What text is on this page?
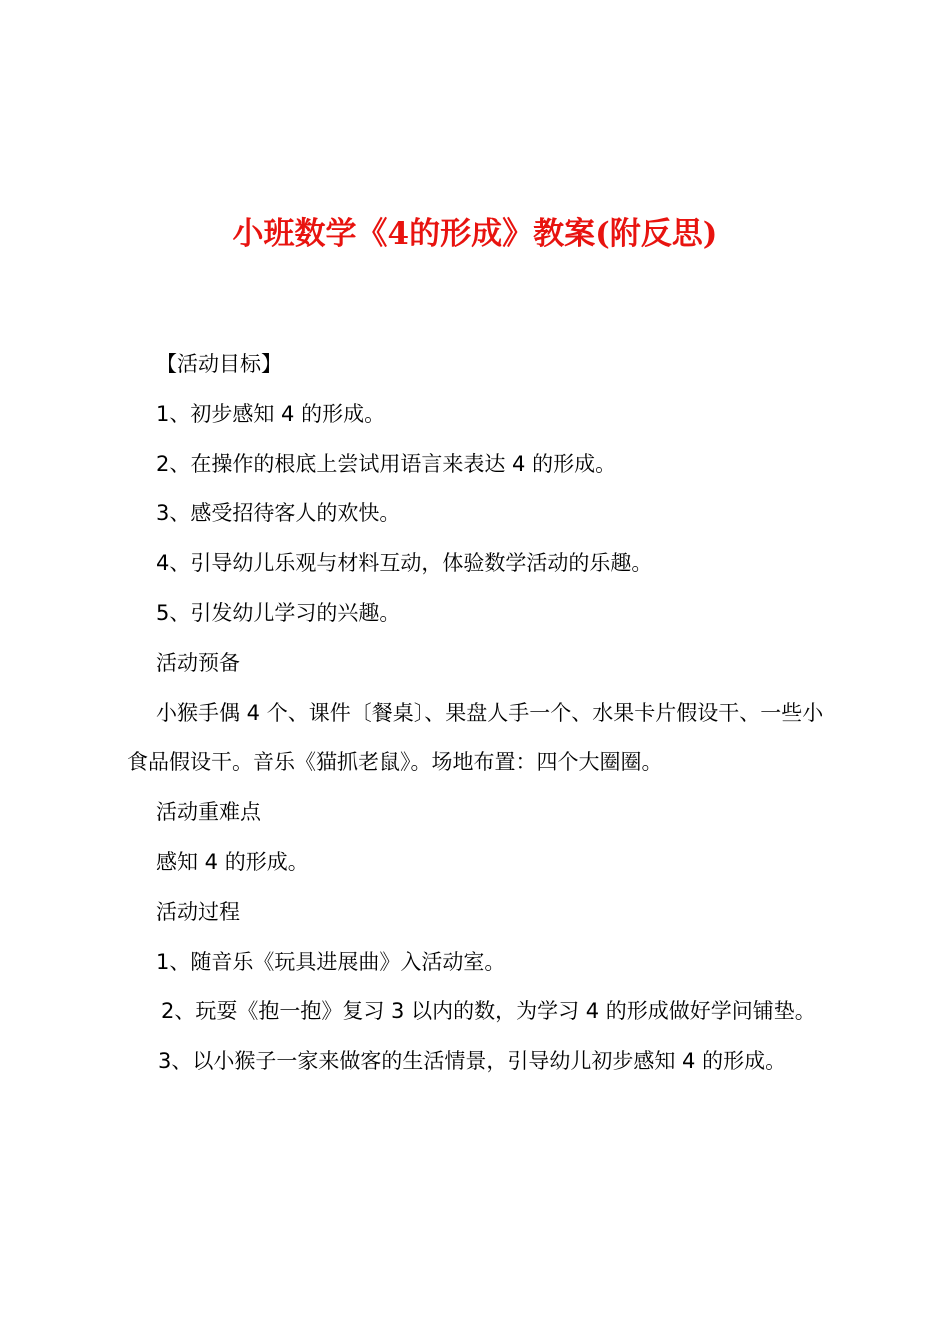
小班数学《4的形成》教案(附反思)

【活动目标】

1、初步感知 4 的形成。

2、在操作的根底上尝试用语言来表达 4 的形成。

3、感受招待客人的欢快。

4、引导幼儿乐观与材料互动，体验数学活动的乐趣。

5、引发幼儿学习的兴趣。

活动预备

小猴手偶 4 个、课件〔餐桌〕、果盘人手一个、水果卡片假设干、一些小食品假设干。音乐《猫抓老鼠》。场地布置：四个大圈圈。

活动重难点

感知 4 的形成。

活动过程

1、随音乐《玩具进展曲》入活动室。

2、玩耍《抱一抱》复习 3 以内的数，为学习 4 的形成做好学问铺垫。

3、以小猴子一家来做客的生活情景，引导幼儿初步感知 4 的形成。
